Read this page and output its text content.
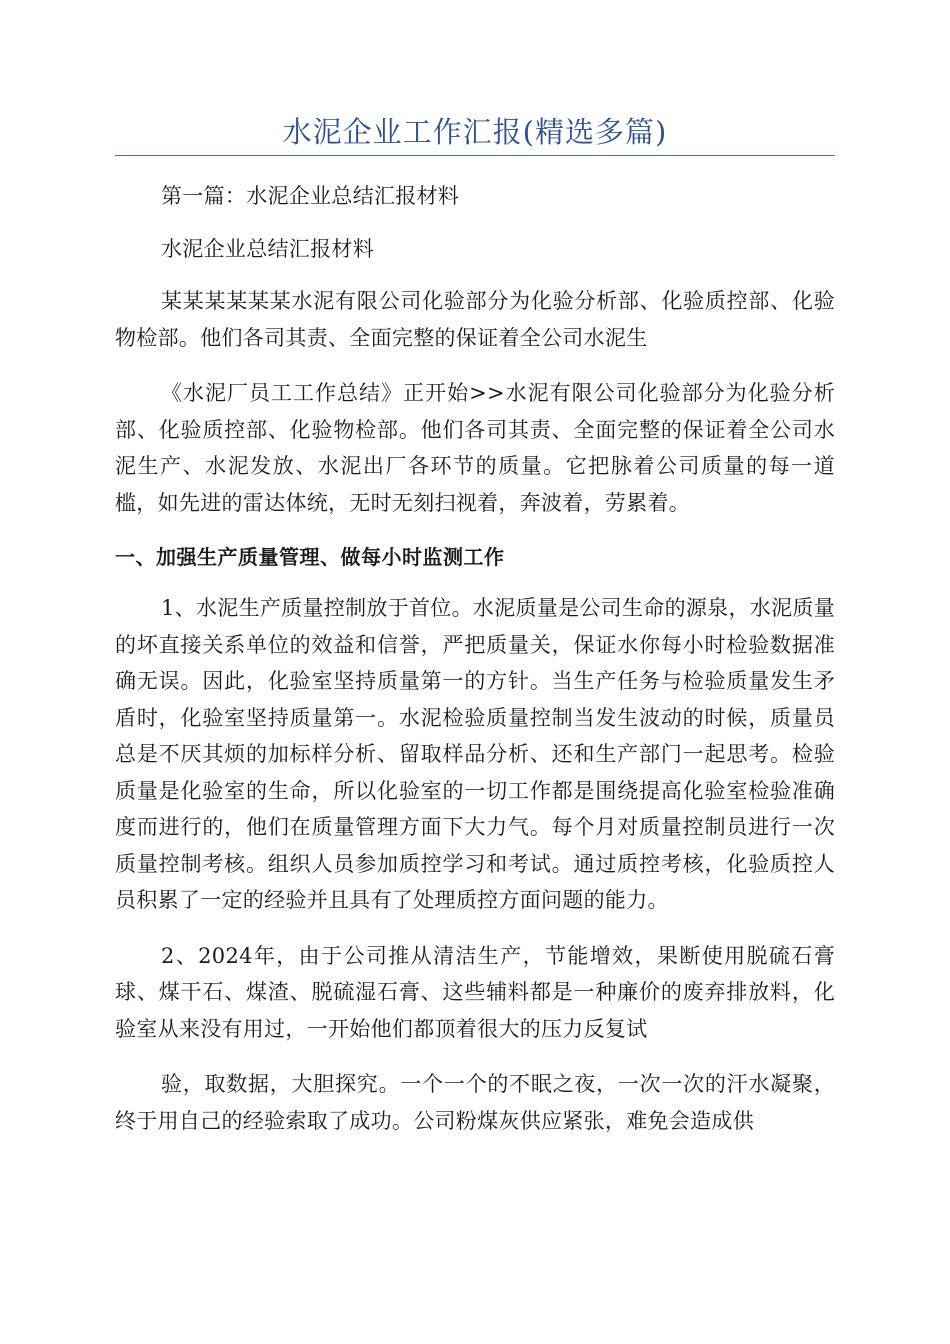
水泥企业工作汇报(精选多篇)

第一篇：水泥企业总结汇报材料

水泥企业总结汇报材料

某某某某某某水泥有限公司化验部分为化验分析部、化验质控部、化验物检部。他们各司其责、全面完整的保证着全公司水泥生

《水泥厂员工工作总结》正开始>>水泥有限公司化验部分为化验分析部、化验质控部、化验物检部。他们各司其责、全面完整的保证着全公司水泥生产、水泥发放、水泥出厂各环节的质量。它把脉着公司质量的每一道槛，如先进的雷达体统，无时无刻扫视着，奔波着，劳累着。

一、加强生产质量管理、做每小时监测工作

1、水泥生产质量控制放于首位。水泥质量是公司生命的源泉，水泥质量的坏直接关系单位的效益和信誉，严把质量关，保证水你每小时检验数据准确无误。因此，化验室坚持质量第一的方针。当生产任务与检验质量发生矛盾时，化验室坚持质量第一。水泥检验质量控制当发生波动的时候，质量员总是不厌其烦的加标样分析、留取样品分析、还和生产部门一起思考。检验质量是化验室的生命，所以化验室的一切工作都是围绕提高化验室检验准确度而进行的，他们在质量管理方面下大力气。每个月对质量控制员进行一次质量控制考核。组织人员参加质控学习和考试。通过质控考核，化验质控人员积累了一定的经验并且具有了处理质控方面问题的能力。

2、2024年，由于公司推从清洁生产，节能增效，果断使用脱硫石膏球、煤干石、煤渣、脱硫湿石膏、这些辅料都是一种廉价的废弃排放料，化验室从来没有用过，一开始他们都顶着很大的压力反复试

验，取数据，大胆探究。一个一个的不眠之夜，一次一次的汗水凝聚，终于用自己的经验索取了成功。公司粉煤灰供应紧张，难免会造成供
